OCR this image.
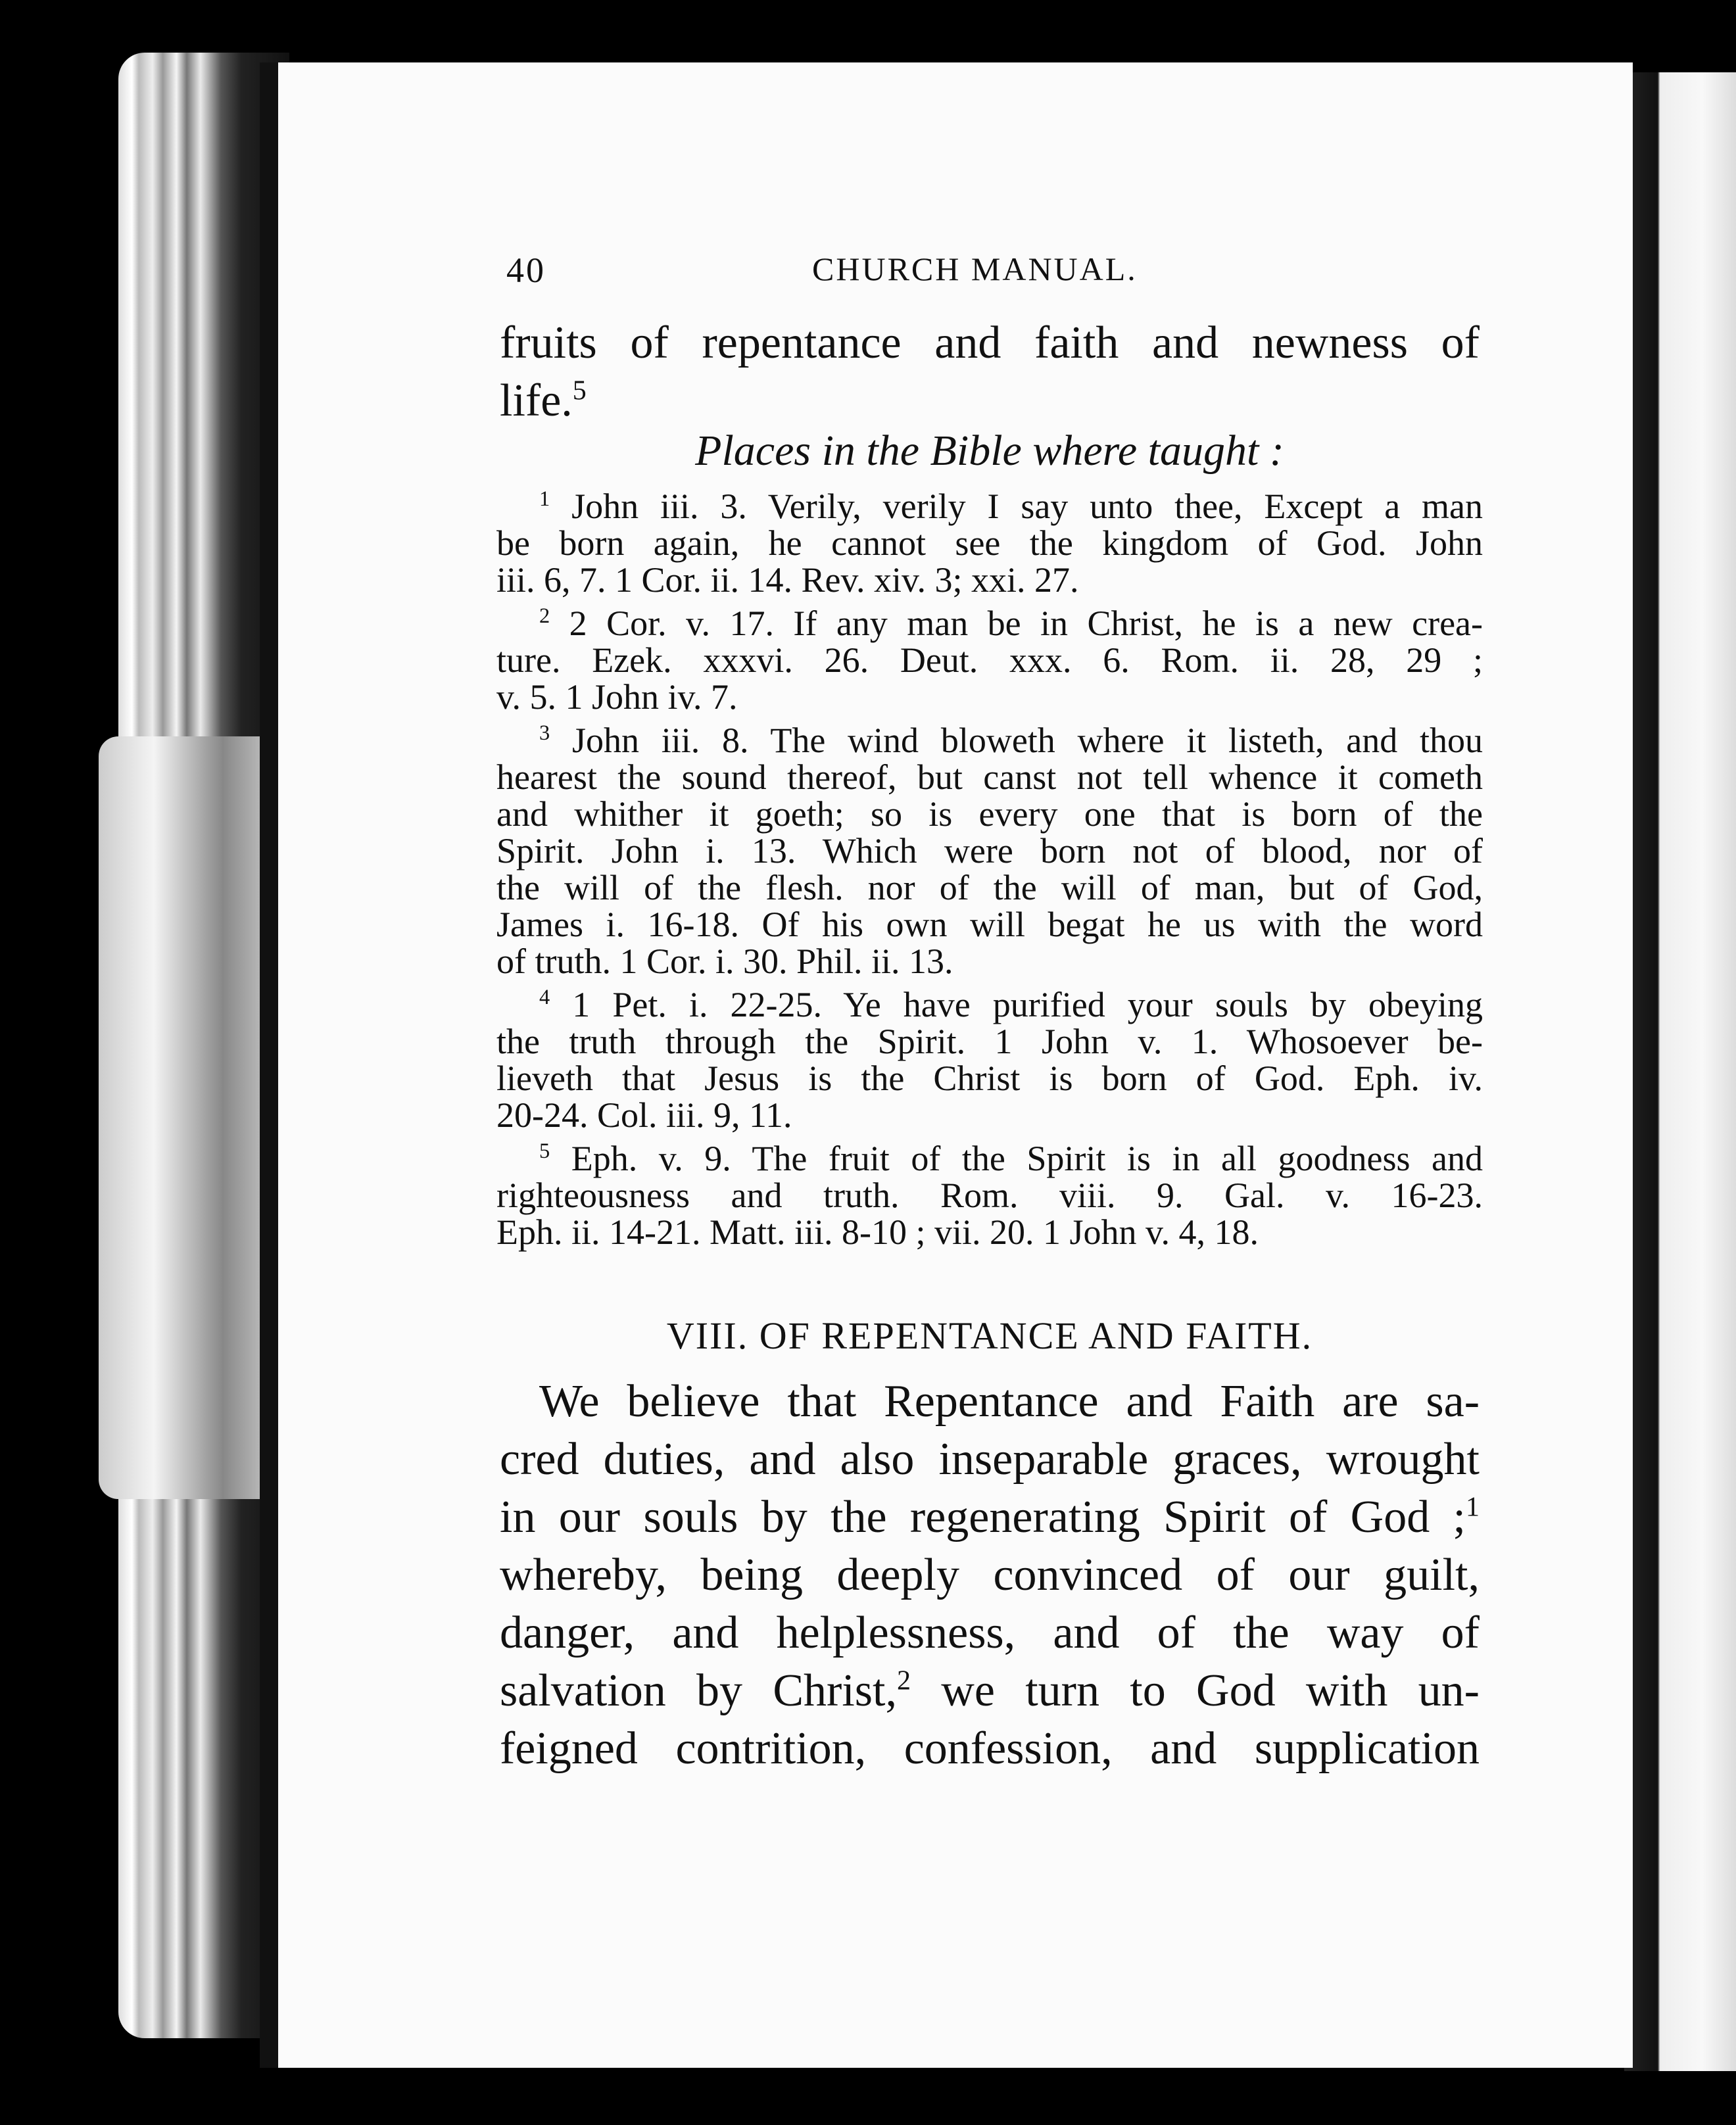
40	CHURCH MANUAL.

fruits of repentance and faith and newness of

life.$^5$

Places in the Bible where taught :

$^1$ John iii. 3. Verily, verily I say unto thee, Except a man

be born again, he cannot see the kingdom of God. John

iii. 6, 7. 1 Cor. ii. 14. Rev. xiv. 3; xxi. 27.

$^2$ 2 Cor. v. 17. If any man be in Christ, he is a new crea-

ture. Ezek. xxxvi. 26. Deut. xxx. 6. Rom. ii. 28, 29 ;

v. 5. 1 John iv. 7.

$^3$ John iii. 8. The wind bloweth where it listeth, and thou

hearest the sound thereof, but canst not tell whence it cometh

and whither it goeth; so is every one that is born of the

Spirit. John i. 13. Which were born not of blood, nor of

the will of the flesh. nor of the will of man, but of God,

James i. 16-18. Of his own will begat he us with the word

of truth. 1 Cor. i. 30. Phil. ii. 13.

$^4$ 1 Pet. i. 22-25. Ye have purified your souls by obeying

the truth through the Spirit. 1 John v. 1. Whosoever be-

lieveth that Jesus is the Christ is born of God. Eph. iv.

20-24. Col. iii. 9, 11.

$^5$ Eph. v. 9. The fruit of the Spirit is in all goodness and

righteousness and truth. Rom. viii. 9. Gal. v. 16-23.

Eph. ii. 14-21. Matt. iii. 8-10 ; vii. 20. 1 John v. 4, 18.

VIII. OF REPENTANCE AND FAITH.

We believe that Repentance and Faith are sa-

cred duties, and also inseparable graces, wrought

in our souls by the regenerating Spirit of God ;$^1$

whereby, being deeply convinced of our guilt,

danger, and helplessness, and of the way of

salvation by Christ,$^2$ we turn to God with un-

feigned contrition, confession, and supplication
